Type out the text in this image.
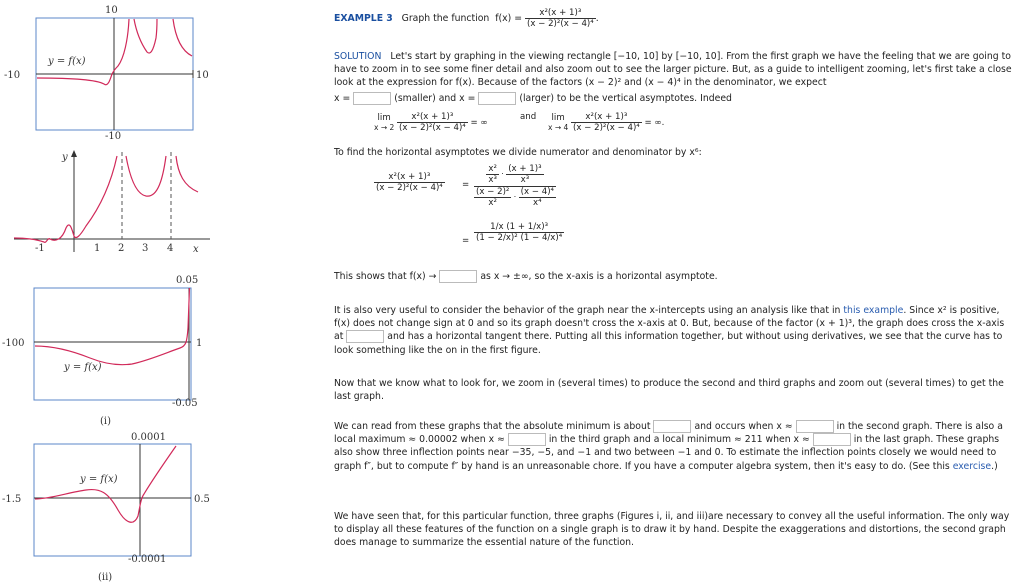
10
-10
-10	10
y = f(x)
y
x
-1	1 2 3 4
0.05
-0.05
-100	1
y = f(x)
(i)
0.0001
-0.0001
-1.5	0.5
y = f(x)
(ii)
EXAMPLE 3 Graph the function $f(x) = \frac{\text{x²(x + 1)³}}{\text{(x − 2)²(x − 4)⁴}}$ .

SOLUTION Let's start by graphing in the viewing rectangle [−10, 10] by [−10, 10]. From the first graph we have the feeling that we are going to have to zoom in to see some finer detail and also zoom out to see the larger picture. But, as a guide to intelligent zooming, let's first take a close look at the expression for f(x). Because of the factors (x − 2)² and (x − 4)⁴ in the denominator, we expect

x =	(smaller) and x =	(larger) to be the vertical asymptotes. Indeed

lim
x → 2
$\frac{\text{x²(x + 1)³}}{\text{(x − 2)²(x − 4)⁴}}$ = ∞
and	lim
x → 4
$\frac{\text{x²(x + 1)³}}{\text{(x − 2)²(x − 4)⁴}}$ = ∞.

To find the horizontal asymptotes we divide numerator and denominator by x⁶:

$\frac{\text{x²(x + 1)³}}{\text{(x − 2)²(x − 4)⁴}} = \frac{\text{x²}}{\text{x³}} \cdot \frac{\text{(x + 1)³}}{\text{x³}}$
$\frac{\text{(x − 2)²}}{\text{x²}} \cdot \frac{\text{(x − 4)⁴}}{\text{x⁴}}$
= $\frac{\text{1/x (1 + 1/x)³}}{\text{(1 − 2/x)² (1 − 4/x)⁴}}$

This shows that f(x) →	as x → ±∞, so the x-axis is a horizontal asymptote.

It is also very useful to consider the behavior of the graph near the x-intercepts using an analysis like that in this example. Since x² is positive, f(x) does not change sign at 0 and so its graph doesn't cross the x-axis at 0. But, because of the factor (x + 1)³, the graph does cross the x-axis at	and has a horizontal tangent there. Putting all this information together, but without using derivatives, we see that the curve has to look something like the on in the first figure.

Now that we know what to look for, we zoom in (several times) to produce the second and third graphs and zoom out (several times) to get the last graph.

We can read from these graphs that the absolute minimum is about	and occurs when x ≈	in the second graph. There is also a local maximum ≈ 0.00002 when x ≈	in the third graph and a local minimum ≈ 211 when x ≈	in the last graph. These graphs also show three inflection points near −35, −5, and −1 and two between −1 and 0. To estimate the inflection points closely we would need to graph f″, but to compute f″ by hand is an unreasonable chore. If you have a computer algebra system, then it's easy to do. (See this exercise.)

We have seen that, for this particular function, three graphs (Figures i, ii, and iii)are necessary to convey all the useful information. The only way to display all these features of the function on a single graph is to draw it by hand. Despite the exaggerations and distortions, the second graph does manage to summarize the essential nature of the function.
